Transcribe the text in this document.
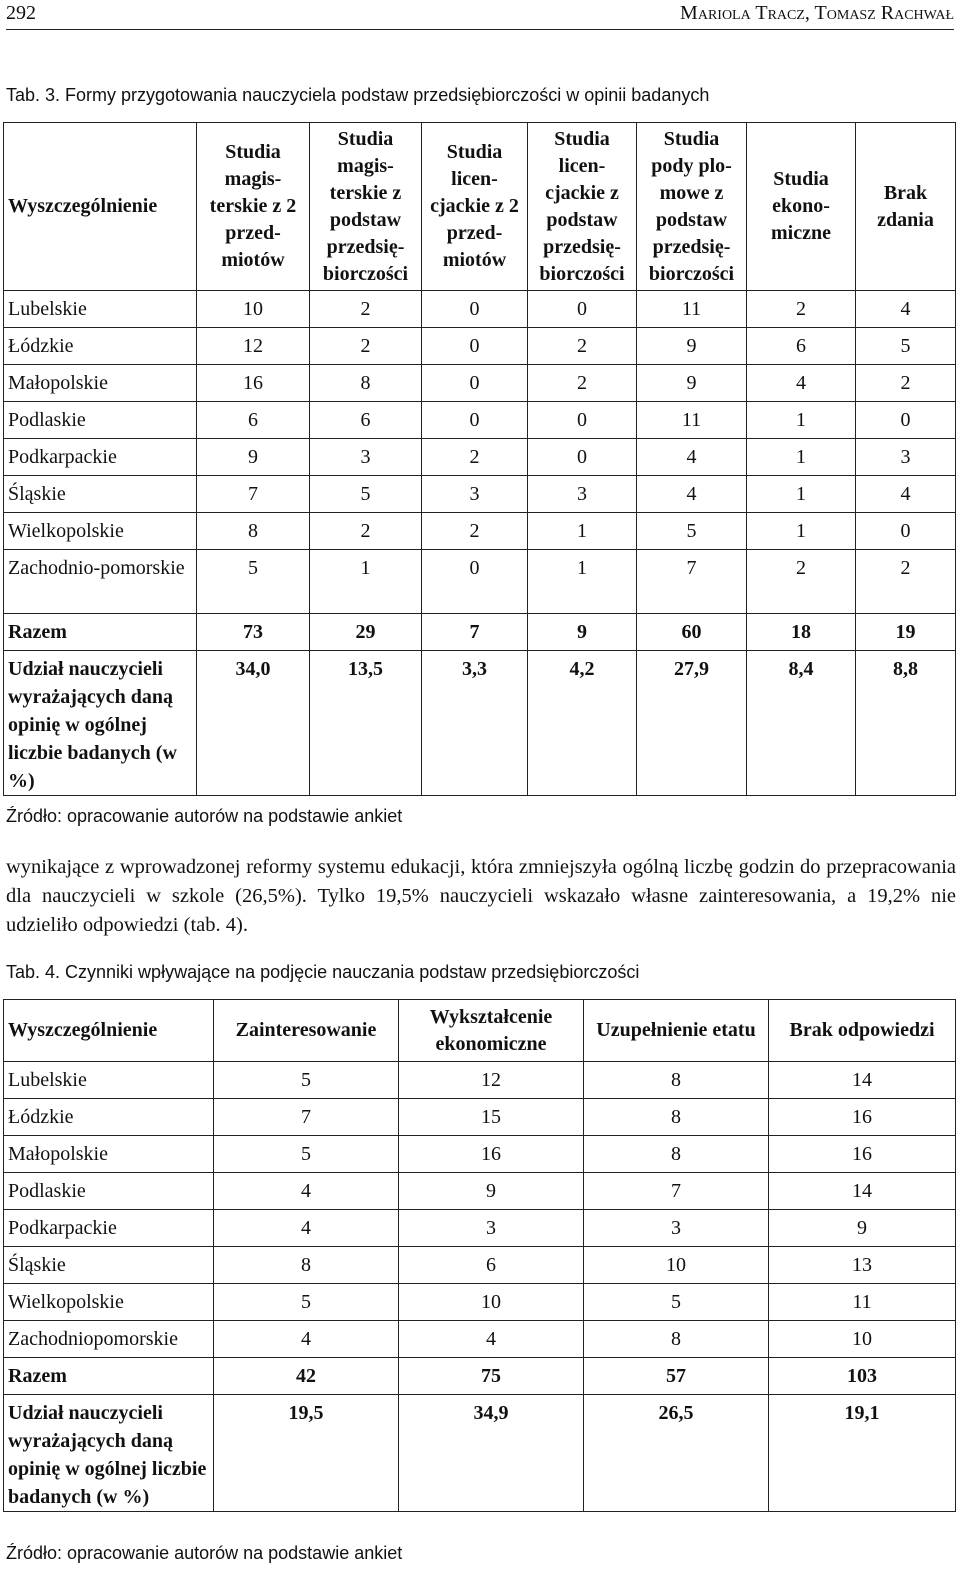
292	Mariola Tracz, Tomasz Rachwał
Tab. 3. Formy przygotowania nauczyciela podstaw przedsiębiorczości w opinii badanych
Wyszczególnienie	Studia magis-terskie z 2 przed-miotów	Studia magis-terskie z podstaw przedsię-biorczości	Studia licen-cjackie z 2 przed-miotów	Studia licen-cjackie z podstaw przedsię-biorczości	Studia pody plo-mowe z podstaw przedsię-biorczości	Studia ekono-miczne	Brak zdania
Lubelskie	10	2	0	0	11	2	4
Łódzkie	12	2	0	2	9	6	5
Małopolskie	16	8	0	2	9	4	2
Podlaskie	6	6	0	0	11	1	0
Podkarpackie	9	3	2	0	4	1	3
Śląskie	7	5	3	3	4	1	4
Wielkopolskie	8	2	2	1	5	1	0
Zachodnio-pomorskie	5	1	0	1	7	2	2
Razem	73	29	7	9	60	18	19
Udział nauczycieli wyrażających daną opinię w ogólnej liczbie badanych (w %)	34,0	13,5	3,3	4,2	27,9	8,4	8,8
Źródło: opracowanie autorów na podstawie ankiet
wynikające z wprowadzonej reformy systemu edukacji, która zmniejszyła ogólną liczbę godzin do przepracowania dla nauczycieli w szkole (26,5%). Tylko 19,5% nauczycieli wskazało własne zainteresowania, a 19,2% nie udzieliło odpowiedzi (tab. 4).
Tab. 4. Czynniki wpływające na podjęcie nauczania podstaw przedsiębiorczości
Wyszczególnienie	Zainteresowanie	Wykształcenie ekonomiczne	Uzupełnienie etatu	Brak odpowiedzi
Lubelskie	5	12	8	14
Łódzkie	7	15	8	16
Małopolskie	5	16	8	16
Podlaskie	4	9	7	14
Podkarpackie	4	3	3	9
Śląskie	8	6	10	13
Wielkopolskie	5	10	5	11
Zachodniopomorskie	4	4	8	10
Razem	42	75	57	103
Udział nauczycieli wyrażających daną opinię w ogólnej liczbie badanych (w %)	19,5	34,9	26,5	19,1
Źródło: opracowanie autorów na podstawie ankiet
